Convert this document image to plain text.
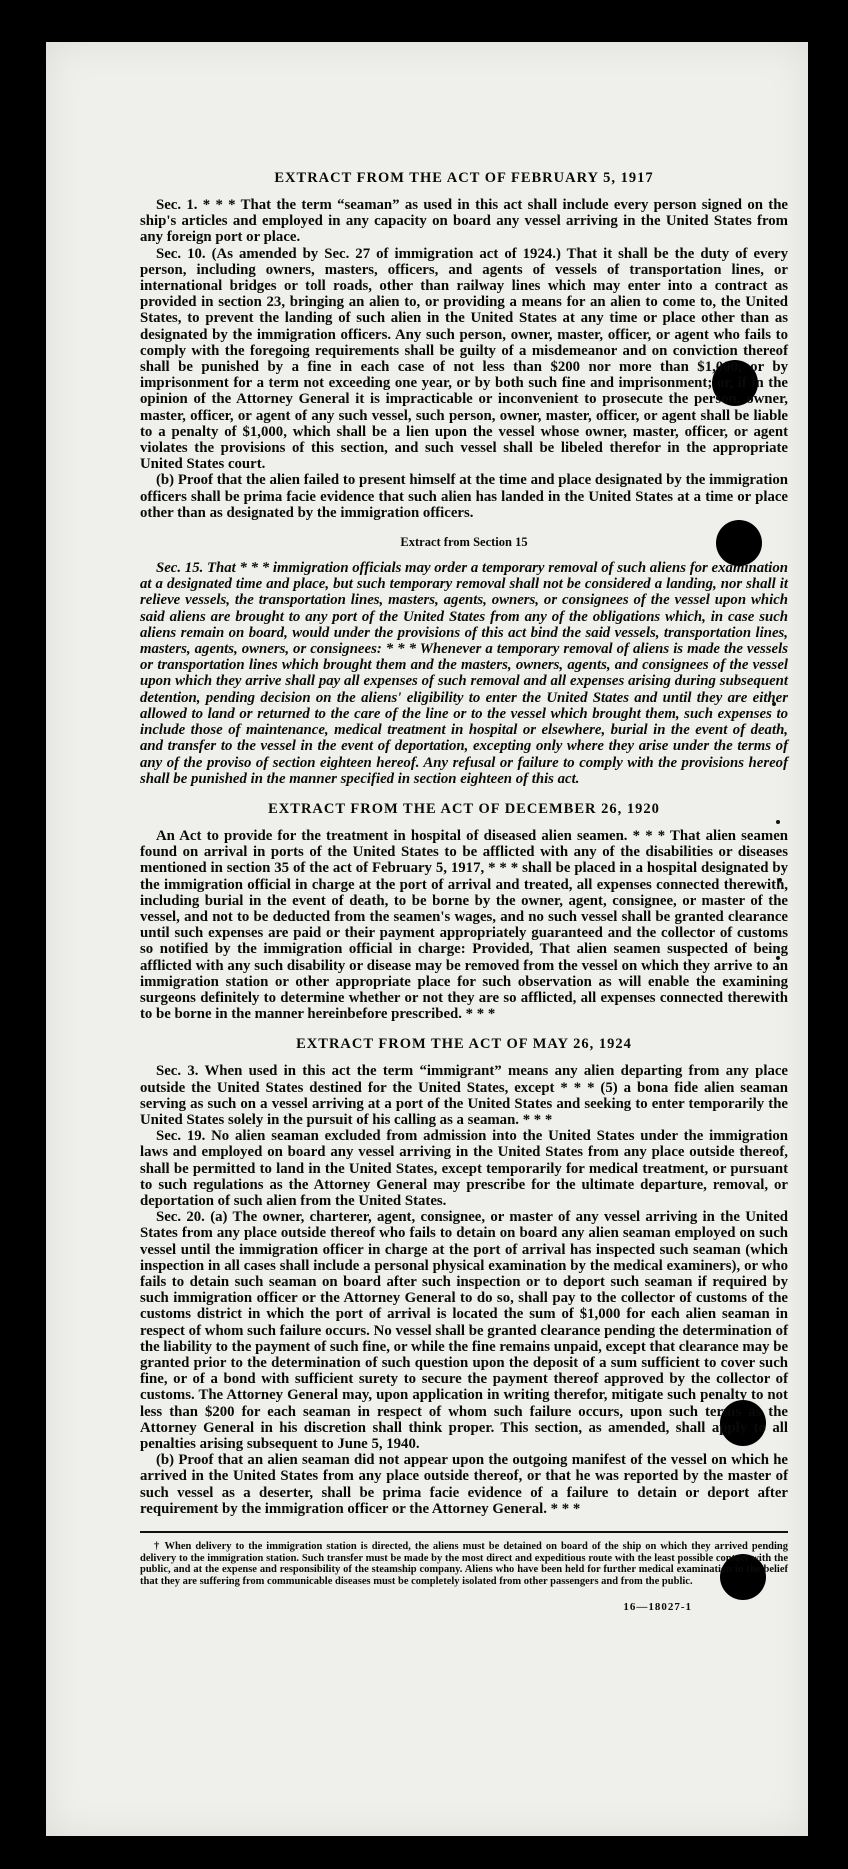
EXTRACT FROM THE ACT OF FEBRUARY 5, 1917

Sec. 1. * * * That the term “seaman” as used in this act shall include every person signed on the ship's articles and employed in any capacity on board any vessel arriving in the United States from any foreign port or place.

Sec. 10. (As amended by Sec. 27 of immigration act of 1924.) That it shall be the duty of every person, including owners, masters, officers, and agents of vessels of transportation lines, or international bridges or toll roads, other than railway lines which may enter into a contract as provided in section 23, bringing an alien to, or providing a means for an alien to come to, the United States, to prevent the landing of such alien in the United States at any time or place other than as designated by the immigration officers. Any such person, owner, master, officer, or agent who fails to comply with the foregoing requirements shall be guilty of a misdemeanor and on conviction thereof shall be punished by a fine in each case of not less than $200 nor more than $1,000, or by imprisonment for a term not exceeding one year, or by both such fine and imprisonment; or, if in the opinion of the Attorney General it is impracticable or inconvenient to prosecute the person, owner, master, officer, or agent of any such vessel, such person, owner, master, officer, or agent shall be liable to a penalty of $1,000, which shall be a lien upon the vessel whose owner, master, officer, or agent violates the provisions of this section, and such vessel shall be libeled therefor in the appropriate United States court.

(b) Proof that the alien failed to present himself at the time and place designated by the immigration officers shall be prima facie evidence that such alien has landed in the United States at a time or place other than as designated by the immigration officers.

Extract from Section 15

Sec. 15. That * * * immigration officials may order a temporary removal of such aliens for examination at a designated time and place, but such temporary removal shall not be considered a landing, nor shall it relieve vessels, the transportation lines, masters, agents, owners, or consignees of the vessel upon which said aliens are brought to any port of the United States from any of the obligations which, in case such aliens remain on board, would under the provisions of this act bind the said vessels, transportation lines, masters, agents, owners, or consignees: * * * Whenever a temporary removal of aliens is made the vessels or transportation lines which brought them and the masters, owners, agents, and consignees of the vessel upon which they arrive shall pay all expenses of such removal and all expenses arising during subsequent detention, pending decision on the aliens' eligibility to enter the United States and until they are either allowed to land or returned to the care of the line or to the vessel which brought them, such expenses to include those of maintenance, medical treatment in hospital or elsewhere, burial in the event of death, and transfer to the vessel in the event of deportation, excepting only where they arise under the terms of any of the proviso of section eighteen hereof. Any refusal or failure to comply with the provisions hereof shall be punished in the manner specified in section eighteen of this act.

EXTRACT FROM THE ACT OF DECEMBER 26, 1920

An Act to provide for the treatment in hospital of diseased alien seamen. * * * That alien seamen found on arrival in ports of the United States to be afflicted with any of the disabilities or diseases mentioned in section 35 of the act of February 5, 1917, * * * shall be placed in a hospital designated by the immigration official in charge at the port of arrival and treated, all expenses connected therewith, including burial in the event of death, to be borne by the owner, agent, consignee, or master of the vessel, and not to be deducted from the seamen's wages, and no such vessel shall be granted clearance until such expenses are paid or their payment appropriately guaranteed and the collector of customs so notified by the immigration official in charge: Provided, That alien seamen suspected of being afflicted with any such disability or disease may be removed from the vessel on which they arrive to an immigration station or other appropriate place for such observation as will enable the examining surgeons definitely to determine whether or not they are so afflicted, all expenses connected therewith to be borne in the manner hereinbefore prescribed. * * *

EXTRACT FROM THE ACT OF MAY 26, 1924

Sec. 3. When used in this act the term “immigrant” means any alien departing from any place outside the United States destined for the United States, except * * * (5) a bona fide alien seaman serving as such on a vessel arriving at a port of the United States and seeking to enter temporarily the United States solely in the pursuit of his calling as a seaman. * * *

Sec. 19. No alien seaman excluded from admission into the United States under the immigration laws and employed on board any vessel arriving in the United States from any place outside thereof, shall be permitted to land in the United States, except temporarily for medical treatment, or pursuant to such regulations as the Attorney General may prescribe for the ultimate departure, removal, or deportation of such alien from the United States.

Sec. 20. (a) The owner, charterer, agent, consignee, or master of any vessel arriving in the United States from any place outside thereof who fails to detain on board any alien seaman employed on such vessel until the immigration officer in charge at the port of arrival has inspected such seaman (which inspection in all cases shall include a personal physical examination by the medical examiners), or who fails to detain such seaman on board after such inspection or to deport such seaman if required by such immigration officer or the Attorney General to do so, shall pay to the collector of customs of the customs district in which the port of arrival is located the sum of $1,000 for each alien seaman in respect of whom such failure occurs. No vessel shall be granted clearance pending the determination of the liability to the payment of such fine, or while the fine remains unpaid, except that clearance may be granted prior to the determination of such question upon the deposit of a sum sufficient to cover such fine, or of a bond with sufficient surety to secure the payment thereof approved by the collector of customs. The Attorney General may, upon application in writing therefor, mitigate such penalty to not less than $200 for each seaman in respect of whom such failure occurs, upon such terms as the Attorney General in his discretion shall think proper. This section, as amended, shall apply to all penalties arising subsequent to June 5, 1940.

(b) Proof that an alien seaman did not appear upon the outgoing manifest of the vessel on which he arrived in the United States from any place outside thereof, or that he was reported by the master of such vessel as a deserter, shall be prima facie evidence of a failure to detain or deport after requirement by the immigration officer or the Attorney General. * * *

† When delivery to the immigration station is directed, the aliens must be detained on board of the ship on which they arrived pending delivery to the immigration station. Such transfer must be made by the most direct and expeditious route with the least possible contact with the public, and at the expense and responsibility of the steamship company. Aliens who have been held for further medical examination in the belief that they are suffering from communicable diseases must be completely isolated from other passengers and from the public.
16—18027-1
